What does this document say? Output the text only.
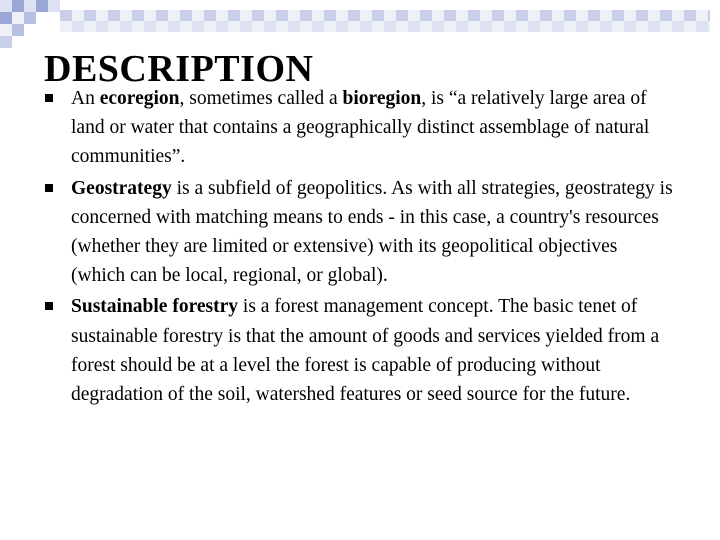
DESCRIPTION
An ecoregion, sometimes called a bioregion, is “a relatively large area of land or water that contains a geographically distinct assemblage of natural communities”.
Geostrategy is a subfield of geopolitics. As with all strategies, geostrategy is concerned with matching means to ends - in this case, a country's resources (whether they are limited or extensive) with its geopolitical objectives (which can be local, regional, or global).
Sustainable forestry is a forest management concept. The basic tenet of sustainable forestry is that the amount of goods and services yielded from a forest should be at a level the forest is capable of producing without degradation of the soil, watershed features or seed source for the future.
